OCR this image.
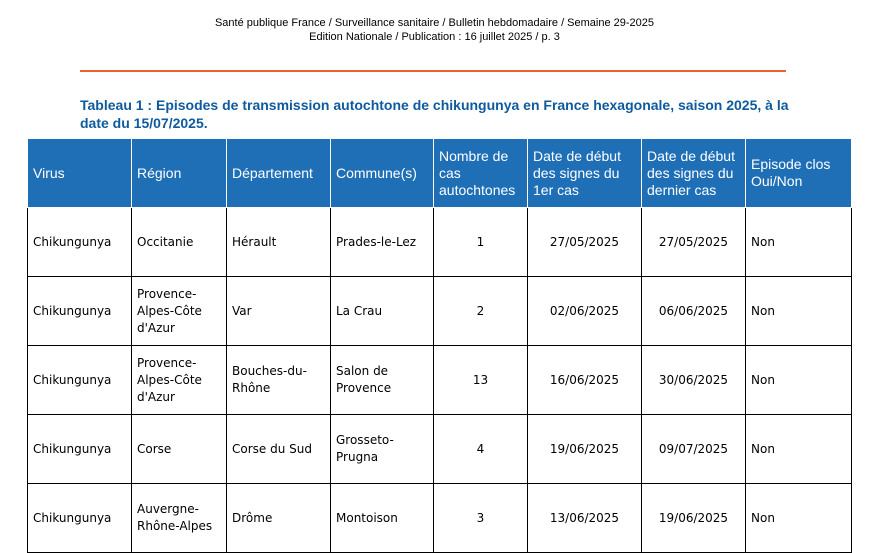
Santé publique France / Surveillance sanitaire / Bulletin hebdomadaire / Semaine 29-2025
Edition Nationale / Publication : 16 juillet 2025 / p. 3
Tableau 1 : Episodes de transmission autochtone de chikungunya en France hexagonale, saison 2025, à la date du 15/07/2025.
Virus	Région	Département	Commune(s)	Nombre de cas autochtones	Date de début des signes du 1er cas	Date de début des signes du dernier cas	Episode clos Oui/Non
Chikungunya	Occitanie	Hérault	Prades-le-Lez	1	27/05/2025	27/05/2025	Non
Chikungunya	Provence-Alpes-Côte d'Azur	Var	La Crau	2	02/06/2025	06/06/2025	Non
Chikungunya	Provence-Alpes-Côte d'Azur	Bouches-du-Rhône	Salon de Provence	13	16/06/2025	30/06/2025	Non
Chikungunya	Corse	Corse du Sud	Grosseto-Prugna	4	19/06/2025	09/07/2025	Non
Chikungunya	Auvergne-Rhône-Alpes	Drôme	Montoison	3	13/06/2025	19/06/2025	Non
